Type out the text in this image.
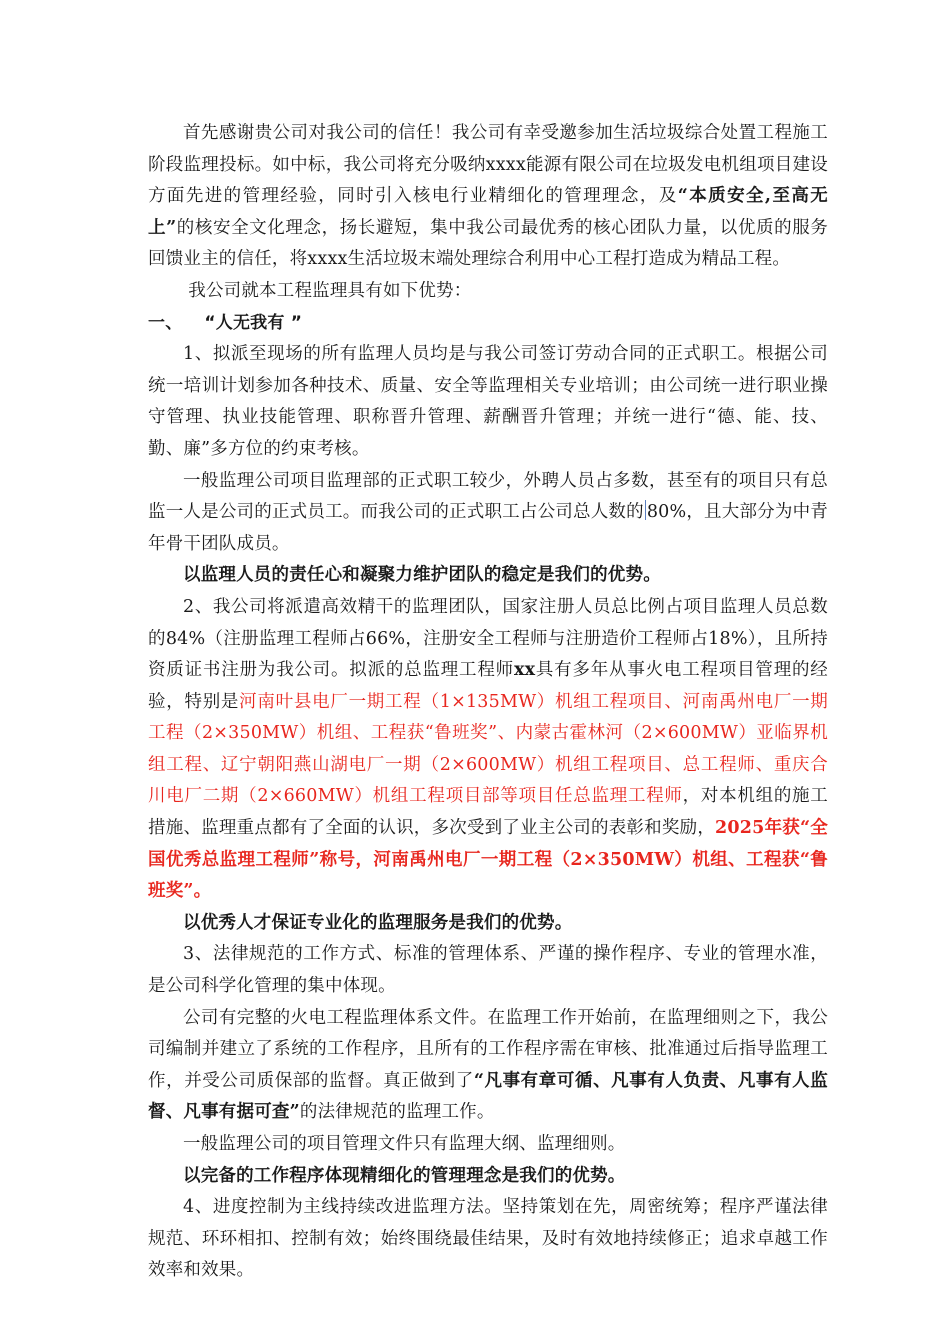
首先感谢贵公司对我公司的信任！我公司有幸受邀参加生活垃圾综合处置工程施工阶段监理投标。如中标，我公司将充分吸纳xxxx能源有限公司在垃圾发电机组项目建设方面先进的管理经验，同时引入核电行业精细化的管理理念，及“本质安全,至高无上”的核安全文化理念，扬长避短，集中我公司最优秀的核心团队力量，以优质的服务回馈业主的信任，将xxxx生活垃圾末端处理综合利用中心工程打造成为精品工程。

我公司就本工程监理具有如下优势：

一、 “人无我有 ”

1、拟派至现场的所有监理人员均是与我公司签订劳动合同的正式职工。根据公司统一培训计划参加各种技术、质量、安全等监理相关专业培训；由公司统一进行职业操守管理、执业技能管理、职称晋升管理、薪酬晋升管理；并统一进行“德、能、技、勤、廉”多方位的约束考核。

一般监理公司项目监理部的正式职工较少，外聘人员占多数，甚至有的项目只有总监一人是公司的正式员工。而我公司的正式职工占公司总人数的 80%，且大部分为中青年骨干团队成员。

以监理人员的责任心和凝聚力维护团队的稳定是我们的优势。

2、我公司将派遣高效精干的监理团队，国家注册人员总比例占项目监理人员总数的84%（注册监理工程师占66%，注册安全工程师与注册造价工程师占18%），且所持资质证书注册为我公司。拟派的总监理工程师xx具有多年从事火电工程项目管理的经验，特别是河南叶县电厂一期工程（1×135MW）机组工程项目、河南禹州电厂一期工程（2×350MW）机组、工程获“鲁班奖”、内蒙古霍林河（2×600MW）亚临界机组工程、辽宁朝阳燕山湖电厂一期（2×600MW）机组工程项目、总工程师、重庆合川电厂二期（2×660MW）机组工程项目部等项目任总监理工程师，对本机组的施工措施、监理重点都有了全面的认识，多次受到了业主公司的表彰和奖励，2025年获“全国优秀总监理工程师”称号，河南禹州电厂一期工程（2×350MW）机组、工程获“鲁班奖”。

以优秀人才保证专业化的监理服务是我们的优势。

3、法律规范的工作方式、标准的管理体系、严谨的操作程序、专业的管理水准，是公司科学化管理的集中体现。

公司有完整的火电工程监理体系文件。在监理工作开始前，在监理细则之下，我公司编制并建立了系统的工作程序，且所有的工作程序需在审核、批准通过后指导监理工作，并受公司质保部的监督。真正做到了“凡事有章可循、凡事有人负责、凡事有人监督、凡事有据可查”的法律规范的监理工作。

一般监理公司的项目管理文件只有监理大纲、监理细则。

以完备的工作程序体现精细化的管理理念是我们的优势。

4、进度控制为主线持续改进监理方法。坚持策划在先，周密统筹；程序严谨法律规范、环环相扣、控制有效；始终围绕最佳结果，及时有效地持续修正；追求卓越工作效率和效果。
